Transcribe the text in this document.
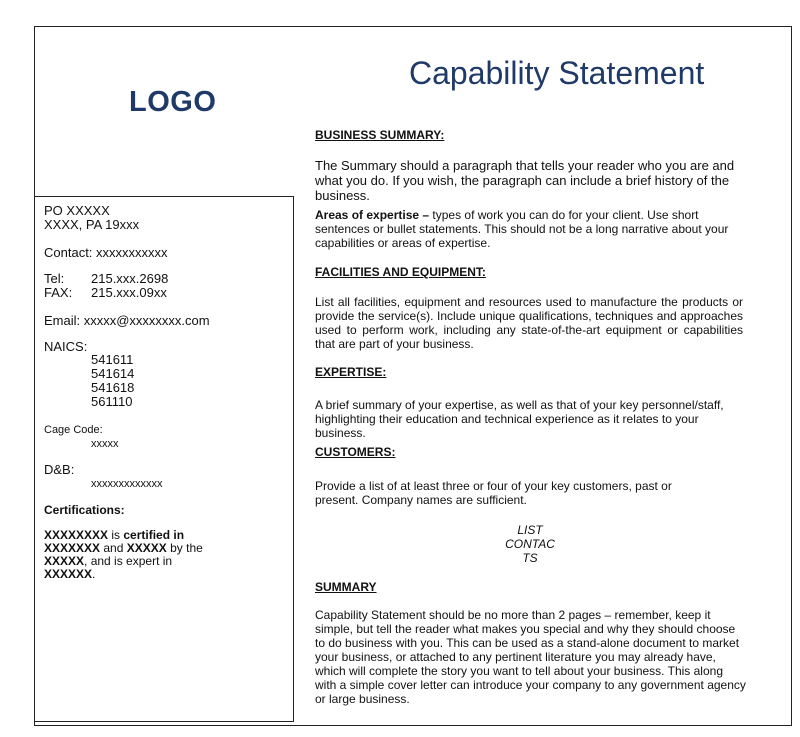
LOGO
Capability Statement
PO XXXXX
XXXX, PA 19xxx
Contact: xxxxxxxxxxx
Tel: 215.xxx.2698
FAX: 215.xxx.09xx
Email: xxxxx@xxxxxxxx.com
NAICS:
541611
541614
541618
561110
Cage Code:
xxxxx
D&B:
xxxxxxxxxxxxx
Certifications:
XXXXXXXX is certified in
XXXXXXX and XXXXX by the
XXXXX, and is expert in
XXXXXX.
BUSINESS SUMMARY:
The Summary should a paragraph that tells your reader who you are and what you do. If you wish, the paragraph can include a brief history of the business.
Areas of expertise – types of work you can do for your client. Use short sentences or bullet statements. This should not be a long narrative about your capabilities or areas of expertise.
FACILITIES AND EQUIPMENT:
List all facilities, equipment and resources used to manufacture the products or provide the service(s). Include unique qualifications, techniques and approaches used to perform work, including any state-of-the-art equipment or capabilities that are part of your business.
EXPERTISE:
A brief summary of your expertise, as well as that of your key personnel/staff, highlighting their education and technical experience as it relates to your business.
CUSTOMERS:
Provide a list of at least three or four of your key customers, past or present. Company names are sufficient.
LIST
CONTAC
TS
SUMMARY
Capability Statement should be no more than 2 pages – remember, keep it simple, but tell the reader what makes you special and why they should choose to do business with you. This can be used as a stand-alone document to market your business, or attached to any pertinent literature you may already have, which will complete the story you want to tell about your business. This along with a simple cover letter can introduce your company to any government agency or large business.
